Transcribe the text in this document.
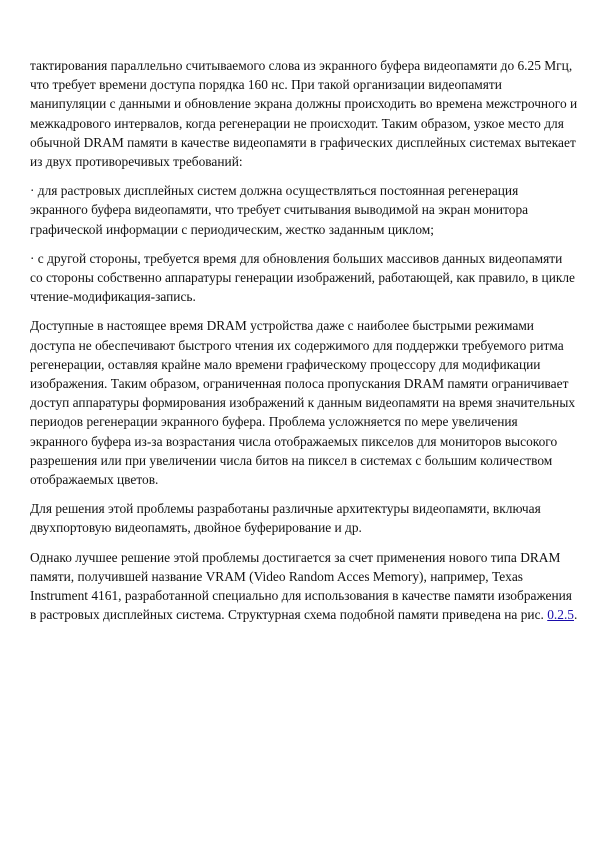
тактирования параллельно считываемого слова из экранного буфера видеопамяти до 6.25 Мгц, что требует времени доступа порядка 160 нс. При такой организации видеопамяти манипуляции с данными и обновление экрана должны происходить во времена межстрочного и межкадрового интервалов, когда регенерации не происходит. Таким образом, узкое место для обычной DRAM памяти в качестве видеопамяти в графических дисплейных системах вытекает из двух противоречивых требований:

· для растровых дисплейных систем должна осуществляться постоянная регенерация экранного буфера видеопамяти, что требует считывания выводимой на экран монитора графической информации с периодическим, жестко заданным циклом;

· с другой стороны, требуется время для обновления больших массивов данных видеопамяти со стороны собственно аппаратуры генерации изображений, работающей, как правило, в цикле чтение-модификация-запись.

Доступные в настоящее время DRAM устройства даже с наиболее быстрыми режимами доступа не обеспечивают быстрого чтения их содержимого для поддержки требуемого ритма регенерации, оставляя крайне мало времени графическому процессору для модификации изображения. Таким образом, ограниченная полоса пропускания DRAM памяти ограничивает доступ аппаратуры формирования изображений к данным видеопамяти на время значительных периодов регенерации экранного буфера. Проблема усложняется по мере увеличения экранного буфера из-за возрастания числа отображаемых пикселов для мониторов высокого разрешения или при увеличении числа битов на пиксел в системах с большим количеством отображаемых цветов.

Для решения этой проблемы разработаны различные архитектуры видеопамяти, включая двухпортовую видеопамять, двойное буферирование и др.

Однако лучшее решение этой проблемы достигается за счет применения нового типа DRAM памяти, получившей название VRAM (Video Random Acces Memory), например, Texas Instrument 4161, разработанной специально для использования в качестве памяти изображения в растровых дисплейных система. Структурная схема подобной памяти приведена на рис. 0.2.5.
